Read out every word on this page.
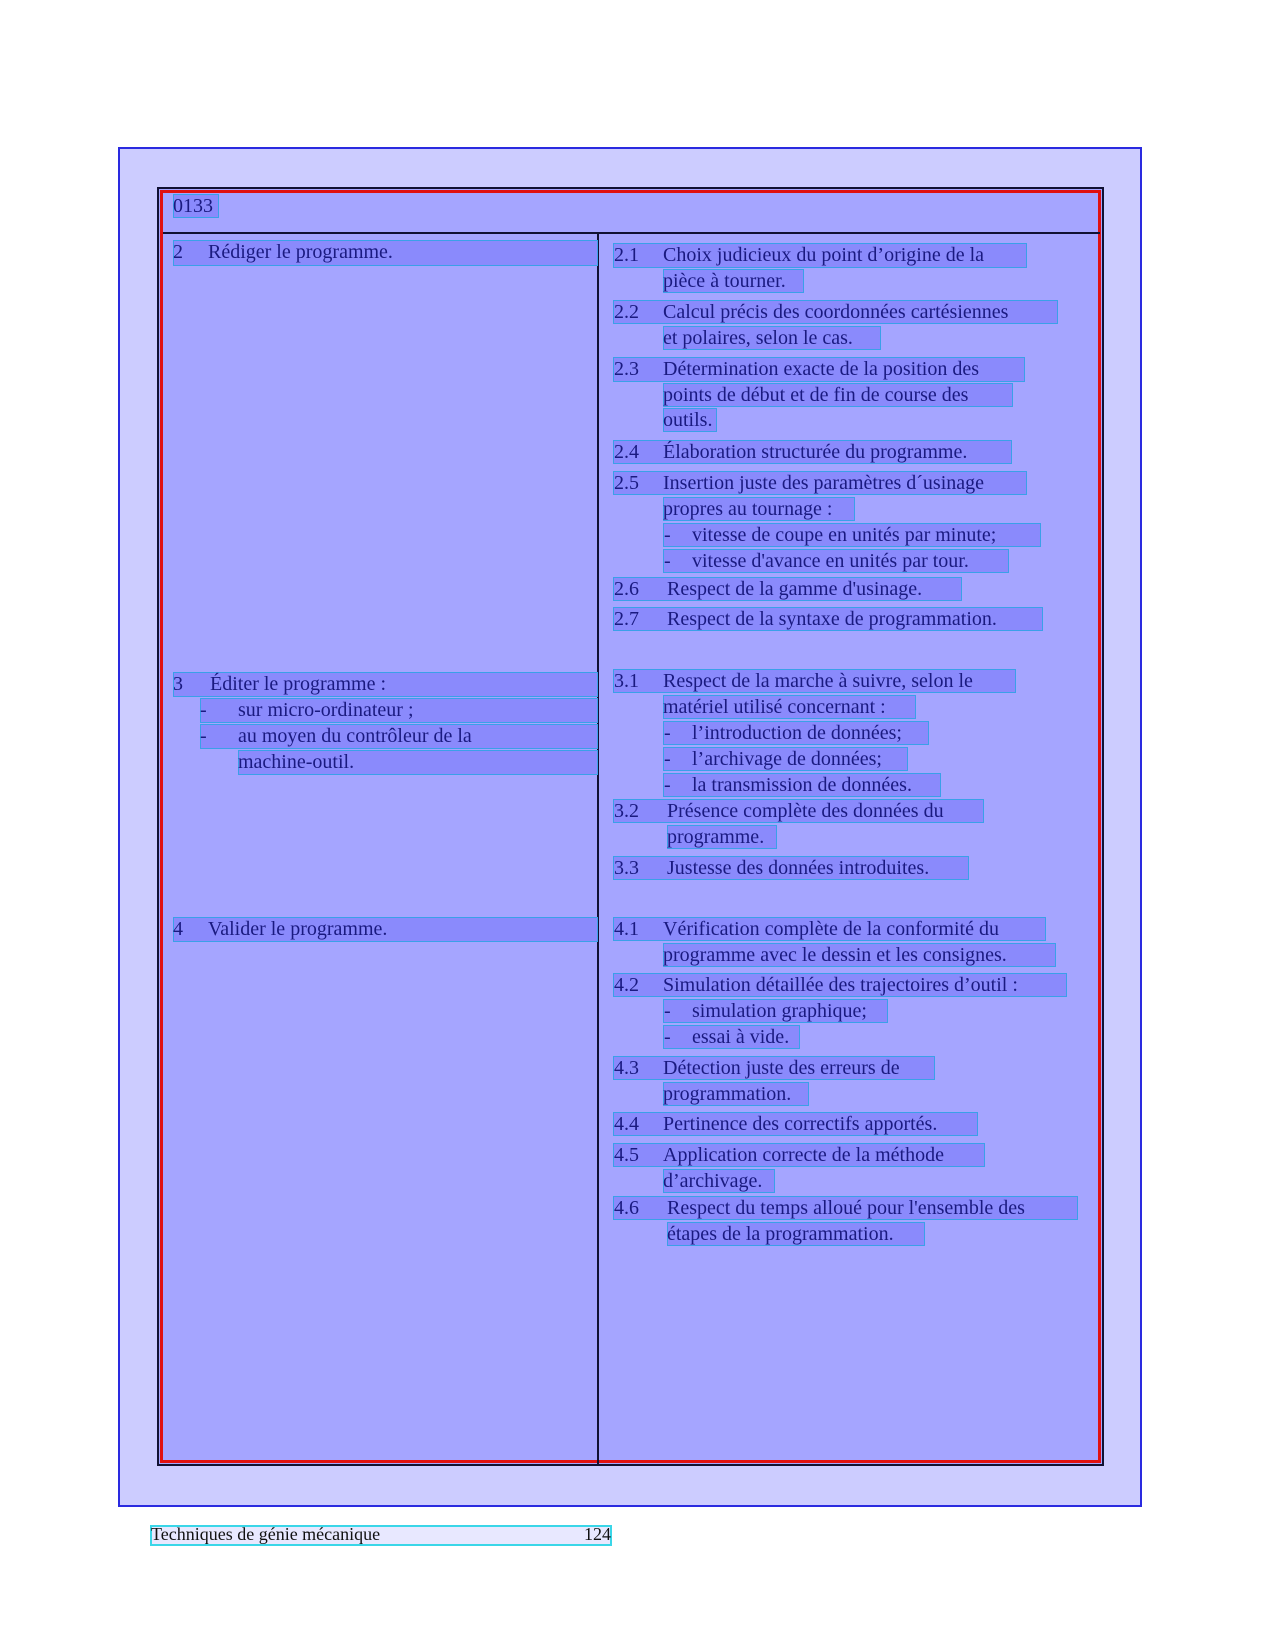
0133
2 Rédiger le programme.
3 Éditer le programme :
- sur micro-ordinateur ;
- au moyen du contrôleur de la
machine-outil.
4 Valider le programme.
2.1 Choix judicieux du point d’origine de la
pièce à tourner.
2.2 Calcul précis des coordonnées cartésiennes
et polaires, selon le cas.
2.3 Détermination exacte de la position des
points de début et de fin de course des
outils.
2.4 Élaboration structurée du programme.
2.5 Insertion juste des paramètres d´usinage
propres au tournage :
- vitesse de coupe en unités par minute;
- vitesse d'avance en unités par tour.
2.6 Respect de la gamme d'usinage.
2.7 Respect de la syntaxe de programmation.
3.1 Respect de la marche à suivre, selon le
matériel utilisé concernant :
- l’introduction de données;
- l’archivage de données;
- la transmission de données.
3.2 Présence complète des données du
programme.
3.3 Justesse des données introduites.
4.1 Vérification complète de la conformité du
programme avec le dessin et les consignes.
4.2 Simulation détaillée des trajectoires d’outil :
- simulation graphique;
- essai à vide.
4.3 Détection juste des erreurs de
programmation.
4.4 Pertinence des correctifs apportés.
4.5 Application correcte de la méthode
d’archivage.
4.6 Respect du temps alloué pour l'ensemble des
étapes de la programmation.
Techniques de génie mécanique	124
